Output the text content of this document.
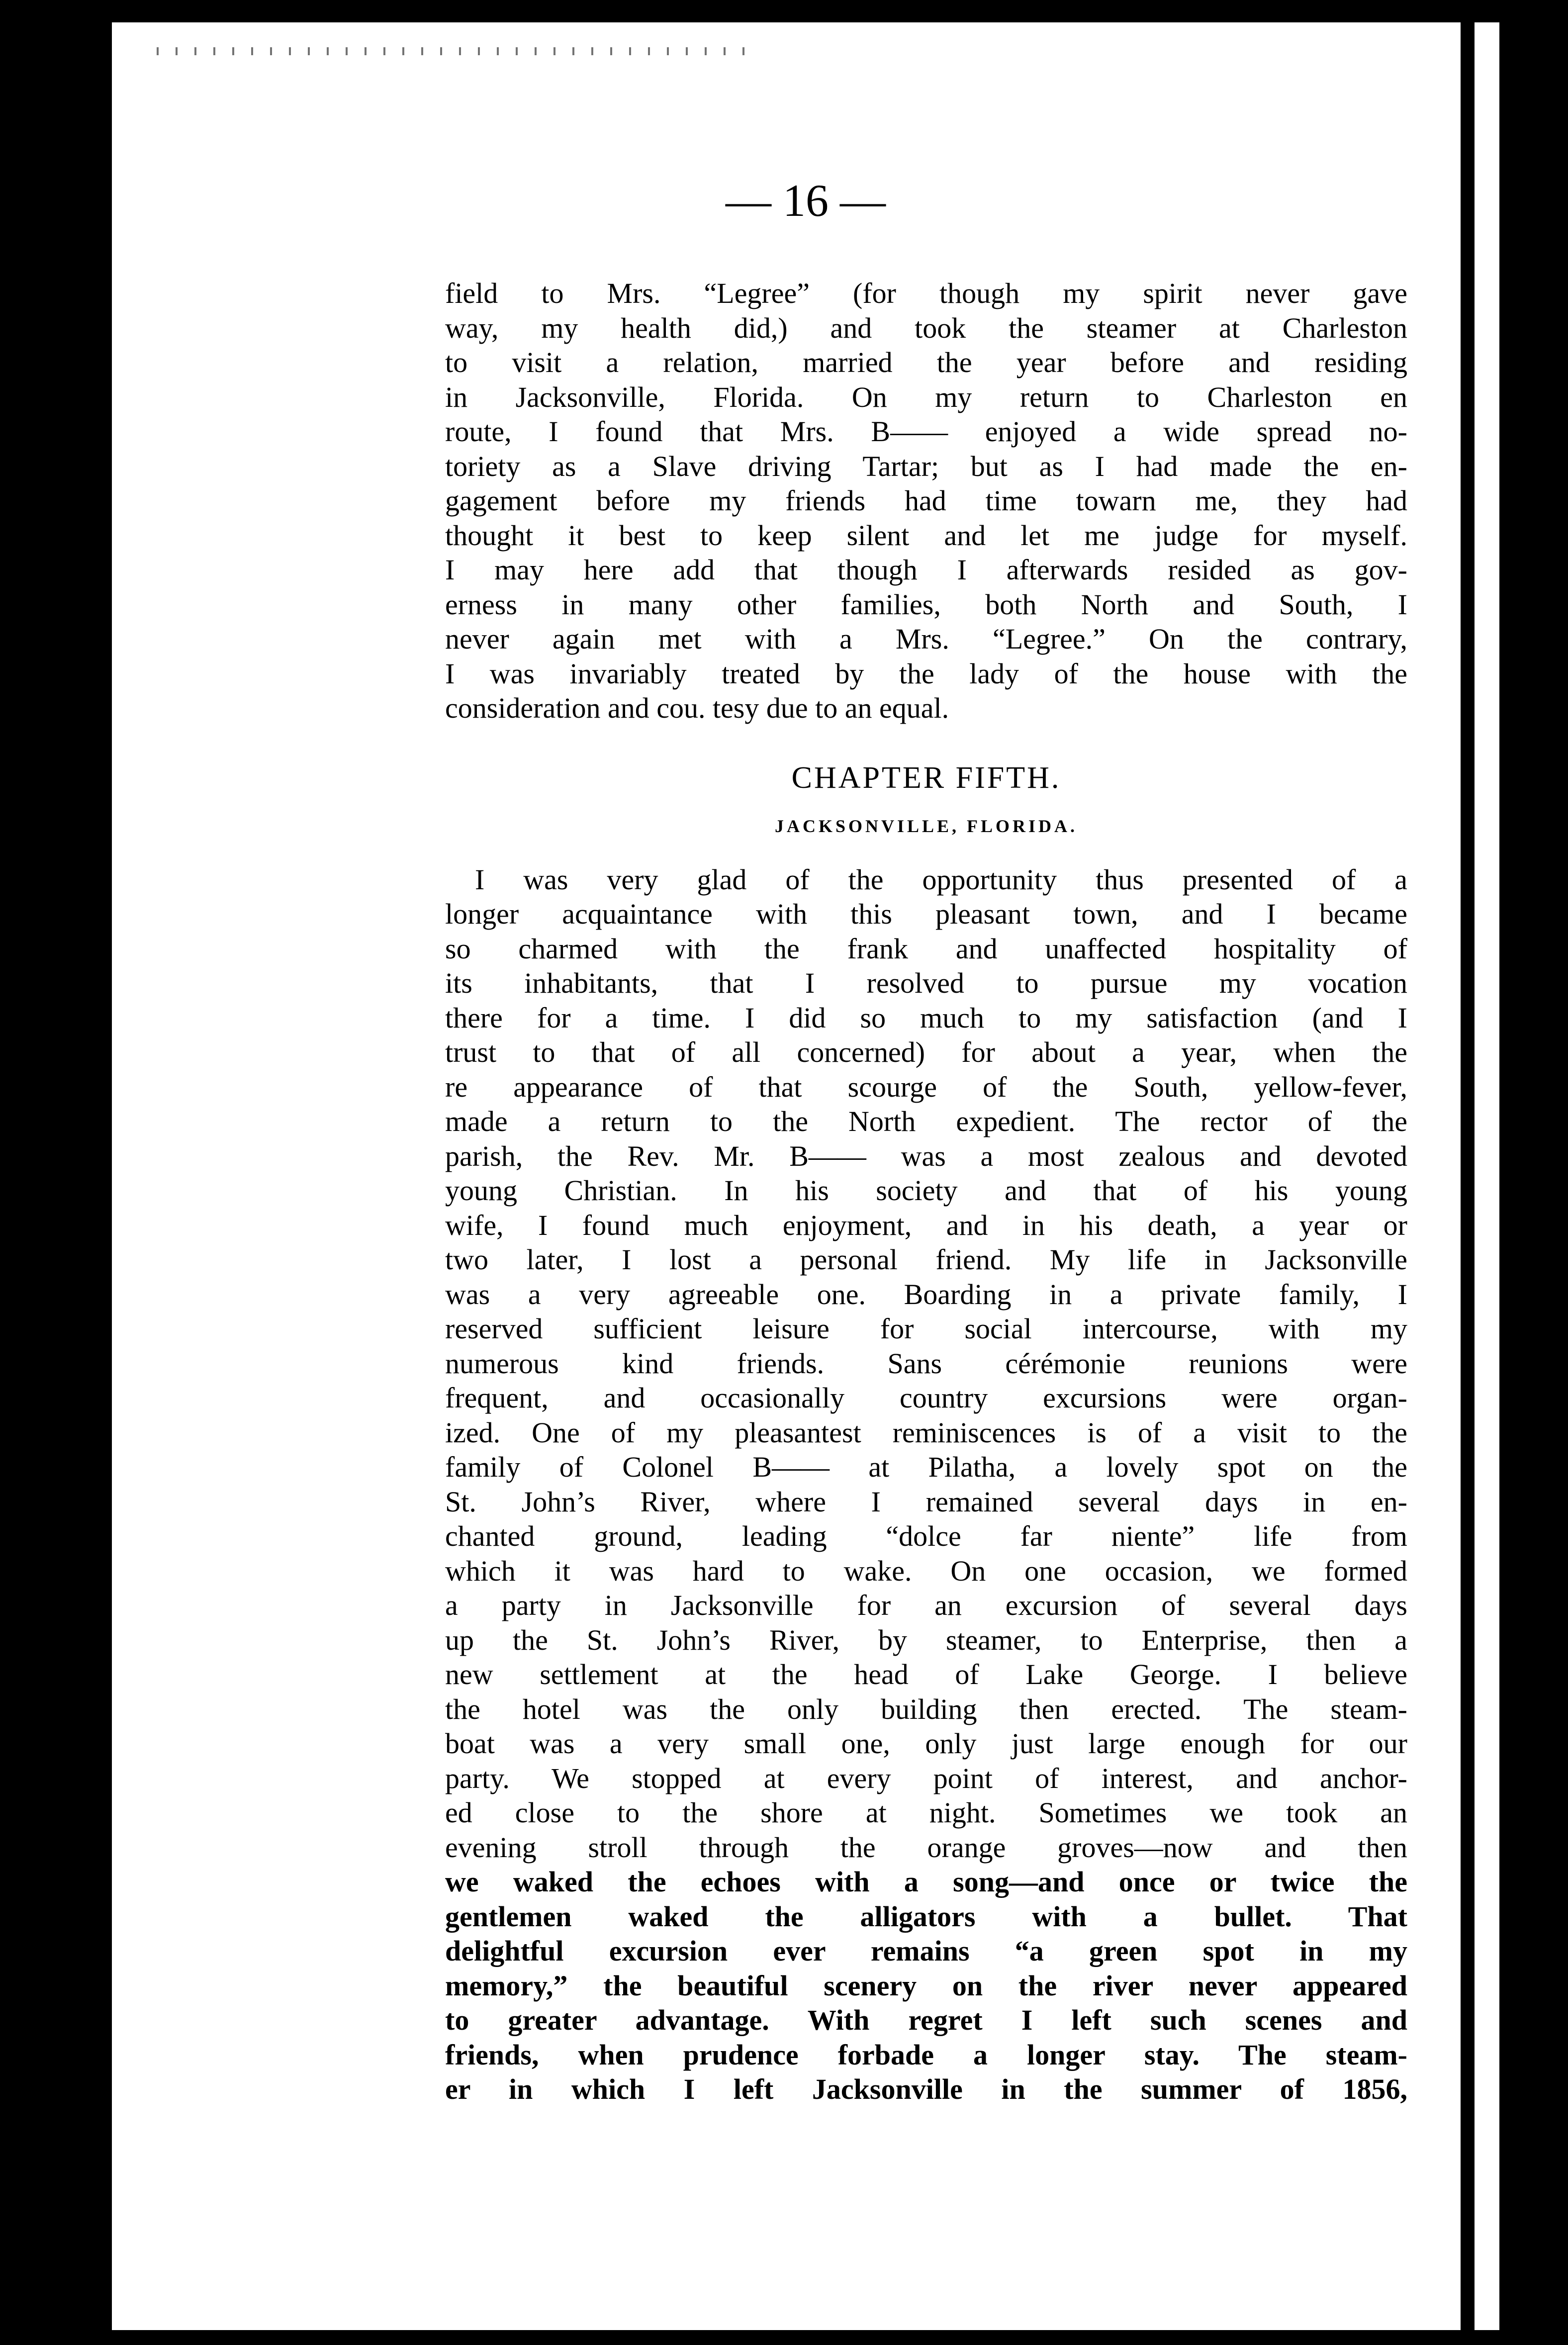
— 16 —
field to Mrs. “Legree” (for though my spirit never gave
way, my health did,) and took the steamer at Charleston
to visit a relation, married the year before and residing
in Jacksonville, Florida. On my return to Charleston en
route, I found that Mrs. B—— enjoyed a wide spread no-
toriety as a Slave driving Tartar; but as I had made the en-
gagement before my friends had time towarn me, they had
thought it best to keep silent and let me judge for myself.
I may here add that though I afterwards resided as gov-
erness in many other families, both North and South, I
never again met with a Mrs. “Legree.” On the contrary,
I was invariably treated by the lady of the house with the
consideration and cou. tesy due to an equal.
CHAPTER FIFTH.
JACKSONVILLE, FLORIDA.
I was very glad of the opportunity thus presented of a
longer acquaintance with this pleasant town, and I became
so charmed with the frank and unaffected hospitality of
its inhabitants, that I resolved to pursue my vocation
there for a time. I did so much to my satisfaction (and I
trust to that of all concerned) for about a year, when the
re appearance of that scourge of the South, yellow-fever,
made a return to the North expedient. The rector of the
parish, the Rev. Mr. B—— was a most zealous and devoted
young Christian. In his society and that of his young
wife, I found much enjoyment, and in his death, a year or
two later, I lost a personal friend. My life in Jacksonville
was a very agreeable one. Boarding in a private family, I
reserved sufficient leisure for social intercourse, with my
numerous kind friends. Sans cérémonie reunions were
frequent, and occasionally country excursions were organ-
ized. One of my pleasantest reminiscences is of a visit to the
family of Colonel B—— at Pilatha, a lovely spot on the
St. John’s River, where I remained several days in en-
chanted ground, leading “dolce far niente” life from
which it was hard to wake. On one occasion, we formed
a party in Jacksonville for an excursion of several days
up the St. John’s River, by steamer, to Enterprise, then a
new settlement at the head of Lake George. I believe
the hotel was the only building then erected. The steam-
boat was a very small one, only just large enough for our
party. We stopped at every point of interest, and anchor-
ed close to the shore at night. Sometimes we took an
evening stroll through the orange groves—now and then
we waked the echoes with a song—and once or twice the
gentlemen waked the alligators with a bullet. That
delightful excursion ever remains “a green spot in my
memory,” the beautiful scenery on the river never appeared
to greater advantage. With regret I left such scenes and
friends, when prudence forbade a longer stay. The steam-
er in which I left Jacksonville in the summer of 1856,
